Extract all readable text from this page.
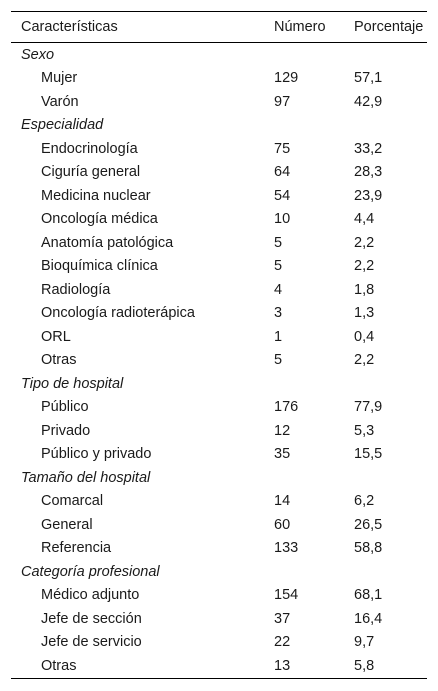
Características	Número	Porcentaje
Sexo		
Mujer	129	57,1
Varón	97	42,9
Especialidad		
Endocrinología	75	33,2
Ciguría general	64	28,3
Medicina nuclear	54	23,9
Oncología médica	10	4,4
Anatomía patológica	5	2,2
Bioquímica clínica	5	2,2
Radiología	4	1,8
Oncología radioterápica	3	1,3
ORL	1	0,4
Otras	5	2,2
Tipo de hospital		
Público	176	77,9
Privado	12	5,3
Público y privado	35	15,5
Tamaño del hospital		
Comarcal	14	6,2
General	60	26,5
Referencia	133	58,8
Categoría profesional		
Médico adjunto	154	68,1
Jefe de sección	37	16,4
Jefe de servicio	22	9,7
Otras	13	5,8
